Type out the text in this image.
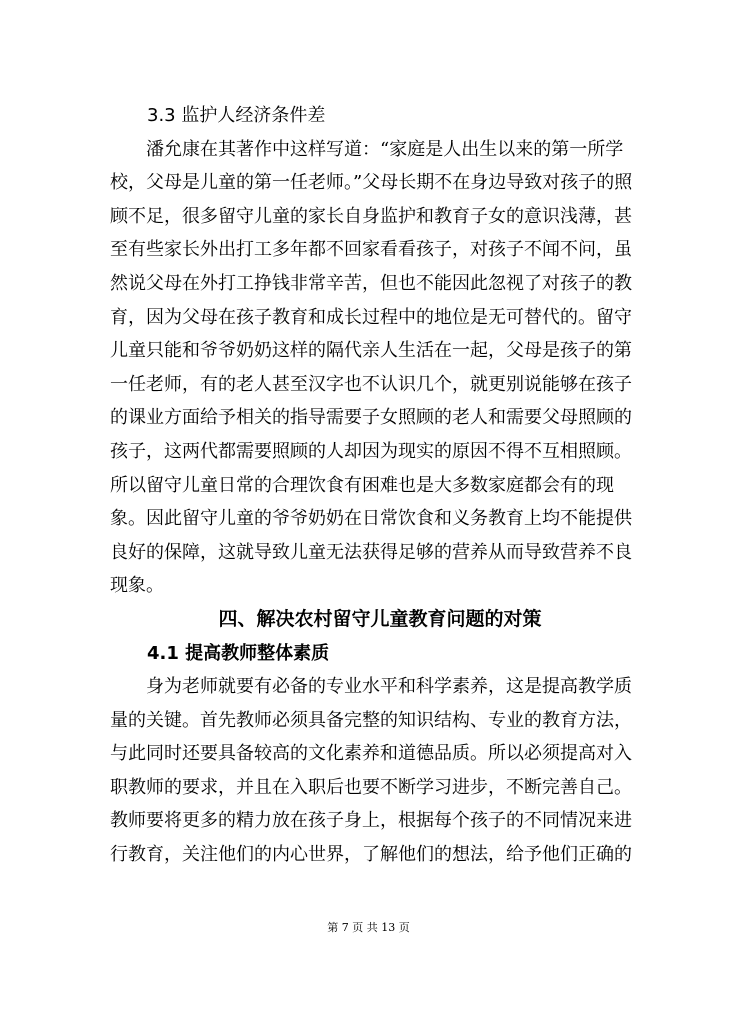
3.3 监护人经济条件差

潘允康在其著作中这样写道：“家庭是人出生以来的第一所学
校，父母是儿童的第一任老师。”父母长期不在身边导致对孩子的照
顾不足，很多留守儿童的家长自身监护和教育子女的意识浅薄，甚
至有些家长外出打工多年都不回家看看孩子，对孩子不闻不问，虽
然说父母在外打工挣钱非常辛苦，但也不能因此忽视了对孩子的教
育，因为父母在孩子教育和成长过程中的地位是无可替代的。留守
儿童只能和爷爷奶奶这样的隔代亲人生活在一起，父母是孩子的第
一任老师，有的老人甚至汉字也不认识几个，就更别说能够在孩子
的课业方面给予相关的指导需要子女照顾的老人和需要父母照顾的
孩子，这两代都需要照顾的人却因为现实的原因不得不互相照顾。
所以留守儿童日常的合理饮食有困难也是大多数家庭都会有的现
象。因此留守儿童的爷爷奶奶在日常饮食和义务教育上均不能提供
良好的保障，这就导致儿童无法获得足够的营养从而导致营养不良
现象。

四、解决农村留守儿童教育问题的对策

4.1 提高教师整体素质

身为老师就要有必备的专业水平和科学素养，这是提高教学质
量的关键。首先教师必须具备完整的知识结构、专业的教育方法，
与此同时还要具备较高的文化素养和道德品质。所以必须提高对入
职教师的要求，并且在入职后也要不断学习进步，不断完善自己。
教师要将更多的精力放在孩子身上，根据每个孩子的不同情况来进
行教育，关注他们的内心世界，了解他们的想法，给予他们正确的
第 7 页 共 13 页
